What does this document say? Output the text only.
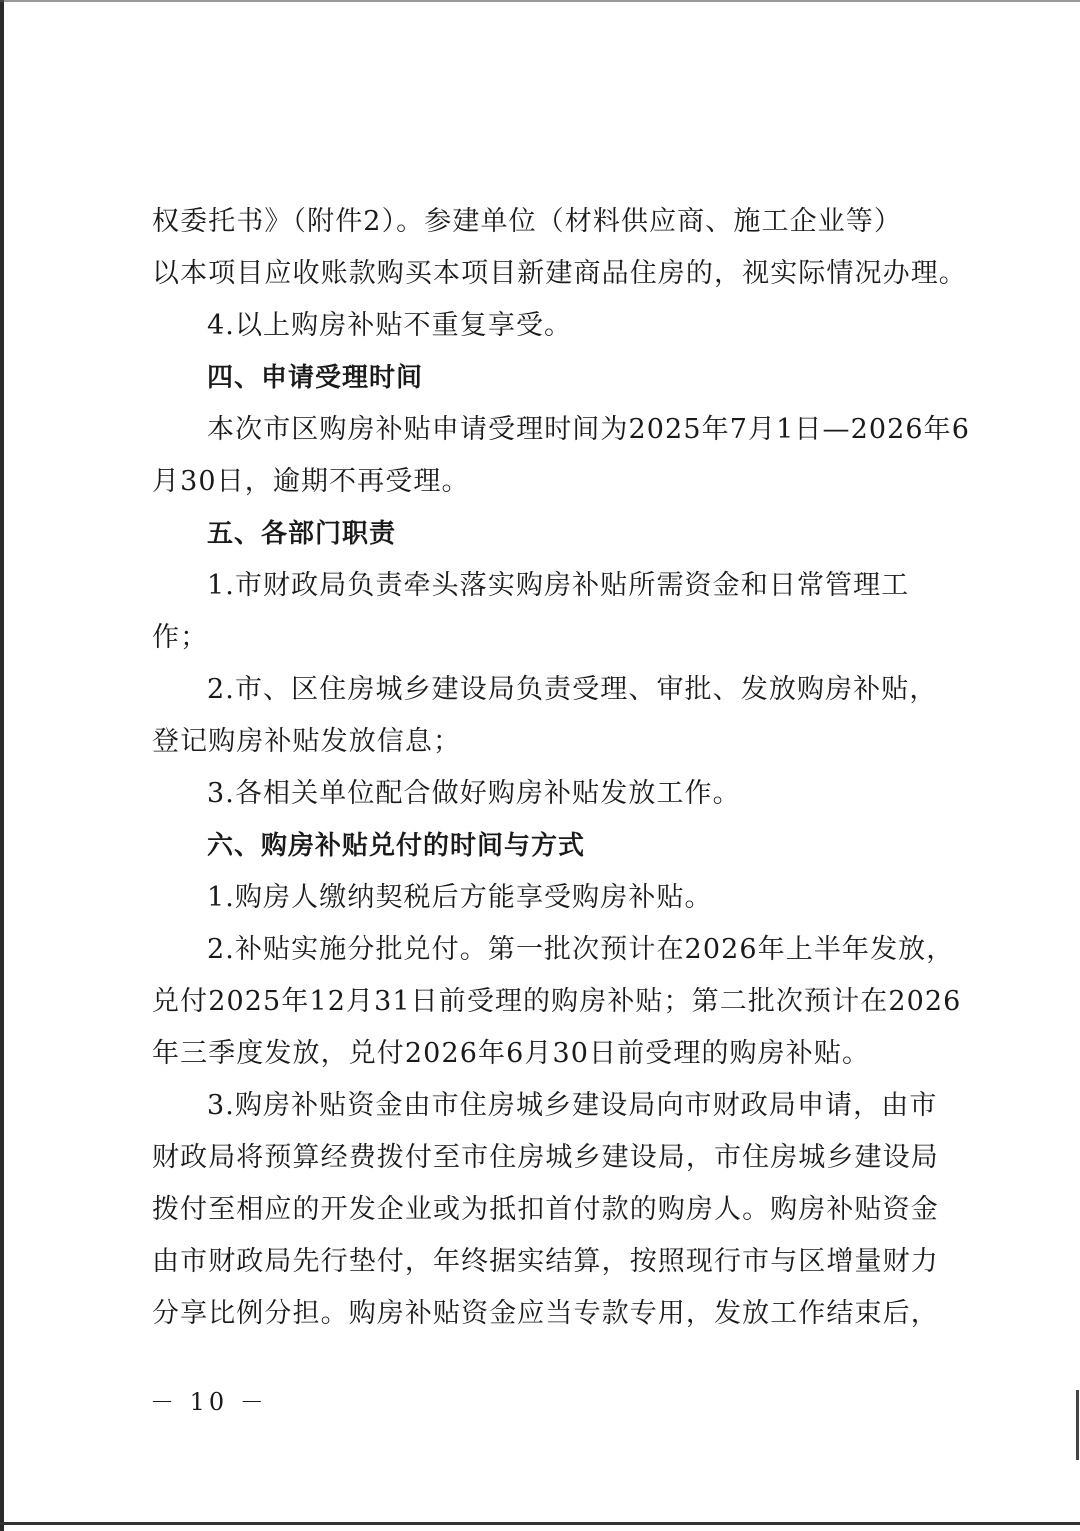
权委托书》（附件2）。参建单位（材料供应商、施工企业等）
以本项目应收账款购买本项目新建商品住房的，视实际情况办理。
4.以上购房补贴不重复享受。
四、申请受理时间
本次市区购房补贴申请受理时间为2025年7月1日—2026年6
月30日，逾期不再受理。
五、各部门职责
1.市财政局负责牵头落实购房补贴所需资金和日常管理工
作；
2.市、区住房城乡建设局负责受理、审批、发放购房补贴，
登记购房补贴发放信息；
3.各相关单位配合做好购房补贴发放工作。
六、购房补贴兑付的时间与方式
1.购房人缴纳契税后方能享受购房补贴。
2.补贴实施分批兑付。第一批次预计在2026年上半年发放，
兑付2025年12月31日前受理的购房补贴；第二批次预计在2026
年三季度发放，兑付2026年6月30日前受理的购房补贴。
3.购房补贴资金由市住房城乡建设局向市财政局申请，由市
财政局将预算经费拨付至市住房城乡建设局，市住房城乡建设局
拨付至相应的开发企业或为抵扣首付款的购房人。购房补贴资金
由市财政局先行垫付，年终据实结算，按照现行市与区增量财力
分享比例分担。购房补贴资金应当专款专用，发放工作结束后，
－ 10 －
